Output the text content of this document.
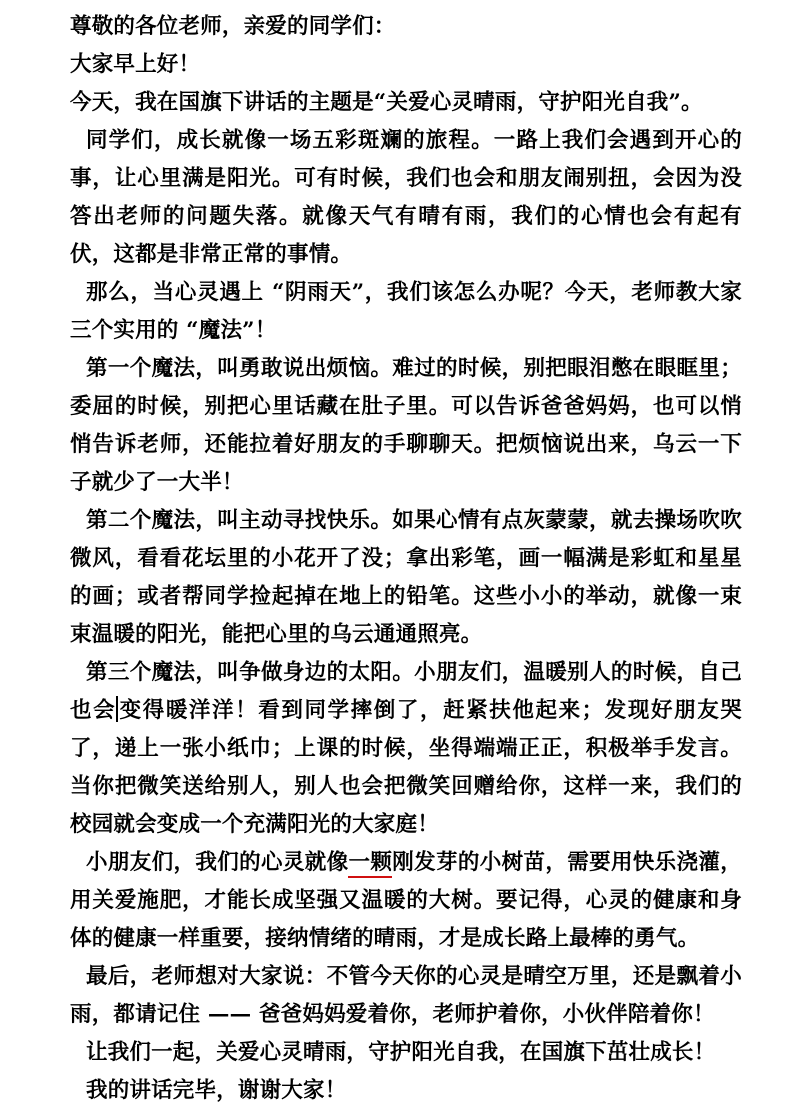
尊敬的各位老师，亲爱的同学们：

大家早上好！

今天，我在国旗下讲话的主题是“关爱心灵晴雨，守护阳光自我”。

同学们，成长就像一场五彩斑斓的旅程。一路上我们会遇到开心的事，让心里满是阳光。可有时候，我们也会和朋友闹别扭，会因为没答出老师的问题失落。就像天气有晴有雨，我们的心情也会有起有伏，这都是非常正常的事情。

那么，当心灵遇上 “阴雨天”，我们该怎么办呢？今天，老师教大家三个实用的 “魔法”！

第一个魔法，叫勇敢说出烦恼。难过的时候，别把眼泪憋在眼眶里；委屈的时候，别把心里话藏在肚子里。可以告诉爸爸妈妈，也可以悄悄告诉老师，还能拉着好朋友的手聊聊天。把烦恼说出来，乌云一下子就少了一大半！

第二个魔法，叫主动寻找快乐。如果心情有点灰蒙蒙，就去操场吹吹微风，看看花坛里的小花开了没；拿出彩笔，画一幅满是彩虹和星星的画；或者帮同学捡起掉在地上的铅笔。这些小小的举动，就像一束束温暖的阳光，能把心里的乌云通通照亮。

第三个魔法，叫争做身边的太阳。小朋友们，温暖别人的时候，自己也会变得暖洋洋！看到同学摔倒了，赶紧扶他起来；发现好朋友哭了，递上一张小纸巾；上课的时候，坐得端端正正，积极举手发言。当你把微笑送给别人，别人也会把微笑回赠给你，这样一来，我们的校园就会变成一个充满阳光的大家庭！

小朋友们，我们的心灵就像一颗刚发芽的小树苗，需要用快乐浇灌，用关爱施肥，才能长成坚强又温暖的大树。要记得，心灵的健康和身体的健康一样重要，接纳情绪的晴雨，才是成长路上最棒的勇气。

最后，老师想对大家说：不管今天你的心灵是晴空万里，还是飘着小雨，都请记住 —— 爸爸妈妈爱着你，老师护着你，小伙伴陪着你！

让我们一起，关爱心灵晴雨，守护阳光自我，在国旗下茁壮成长！

我的讲话完毕，谢谢大家！
